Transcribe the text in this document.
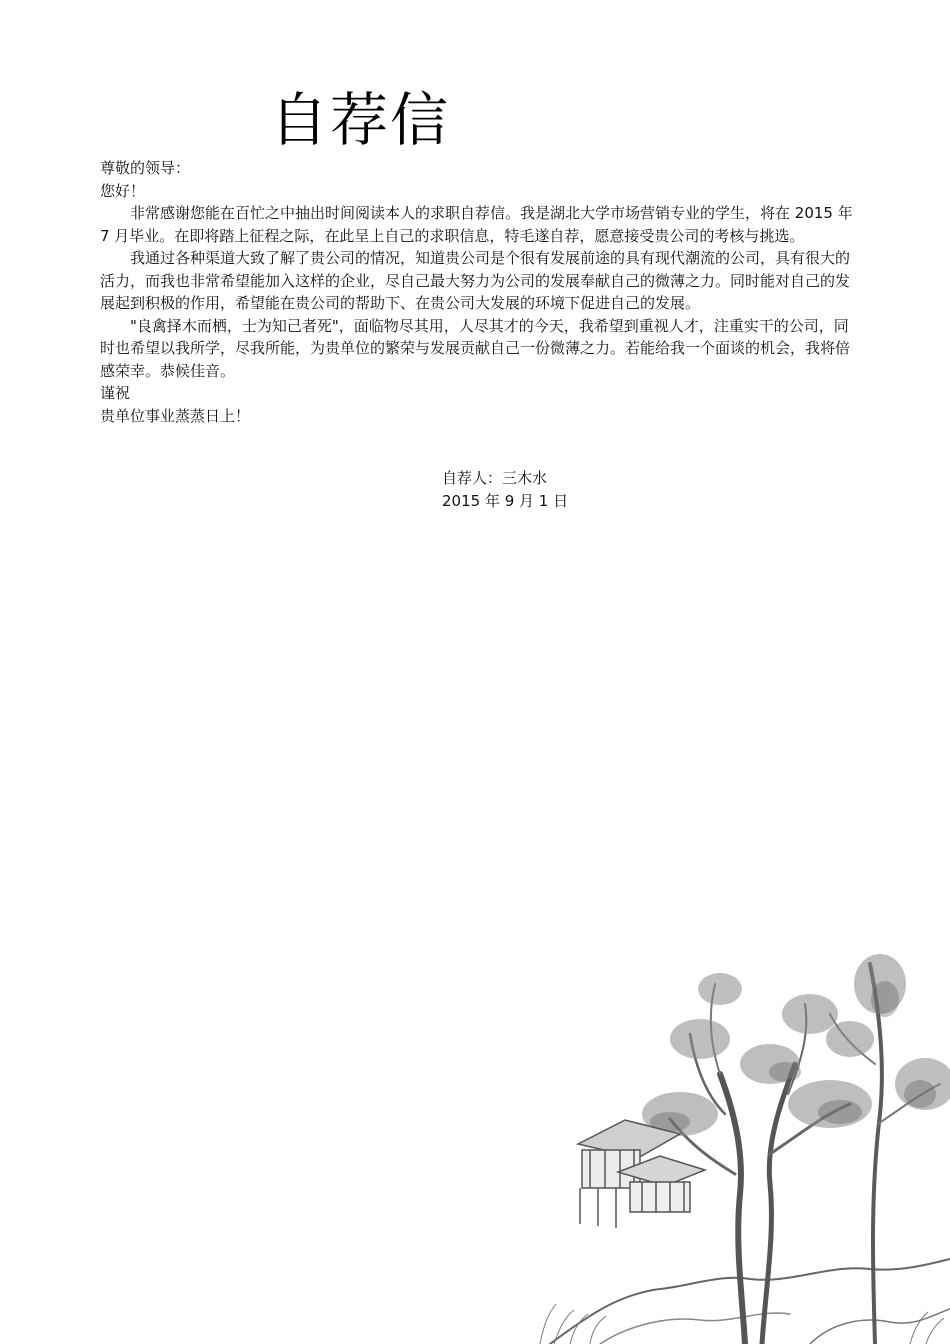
自荐信

尊敬的领导：

您好！

非常感谢您能在百忙之中抽出时间阅读本人的求职自荐信。我是湖北大学市场营销专业的学生，将在 2015 年 7 月毕业。在即将踏上征程之际，在此呈上自己的求职信息，特毛遂自荐，愿意接受贵公司的考核与挑选。

我通过各种渠道大致了解了贵公司的情况，知道贵公司是个很有发展前途的具有现代潮流的公司，具有很大的活力，而我也非常希望能加入这样的企业，尽自己最大努力为公司的发展奉献自己的微薄之力。同时能对自己的发展起到积极的作用，希望能在贵公司的帮助下、在贵公司大发展的环境下促进自己的发展。

"良禽择木而栖，士为知己者死"，面临物尽其用，人尽其才的今天，我希望到重视人才，注重实干的公司，同时也希望以我所学，尽我所能，为贵单位的繁荣与发展贡献自己一份微薄之力。若能给我一个面谈的机会，我将倍感荣幸。恭候佳音。

谨祝

贵单位事业蒸蒸日上！

自荐人：三木水
2015 年 9 月 1 日
